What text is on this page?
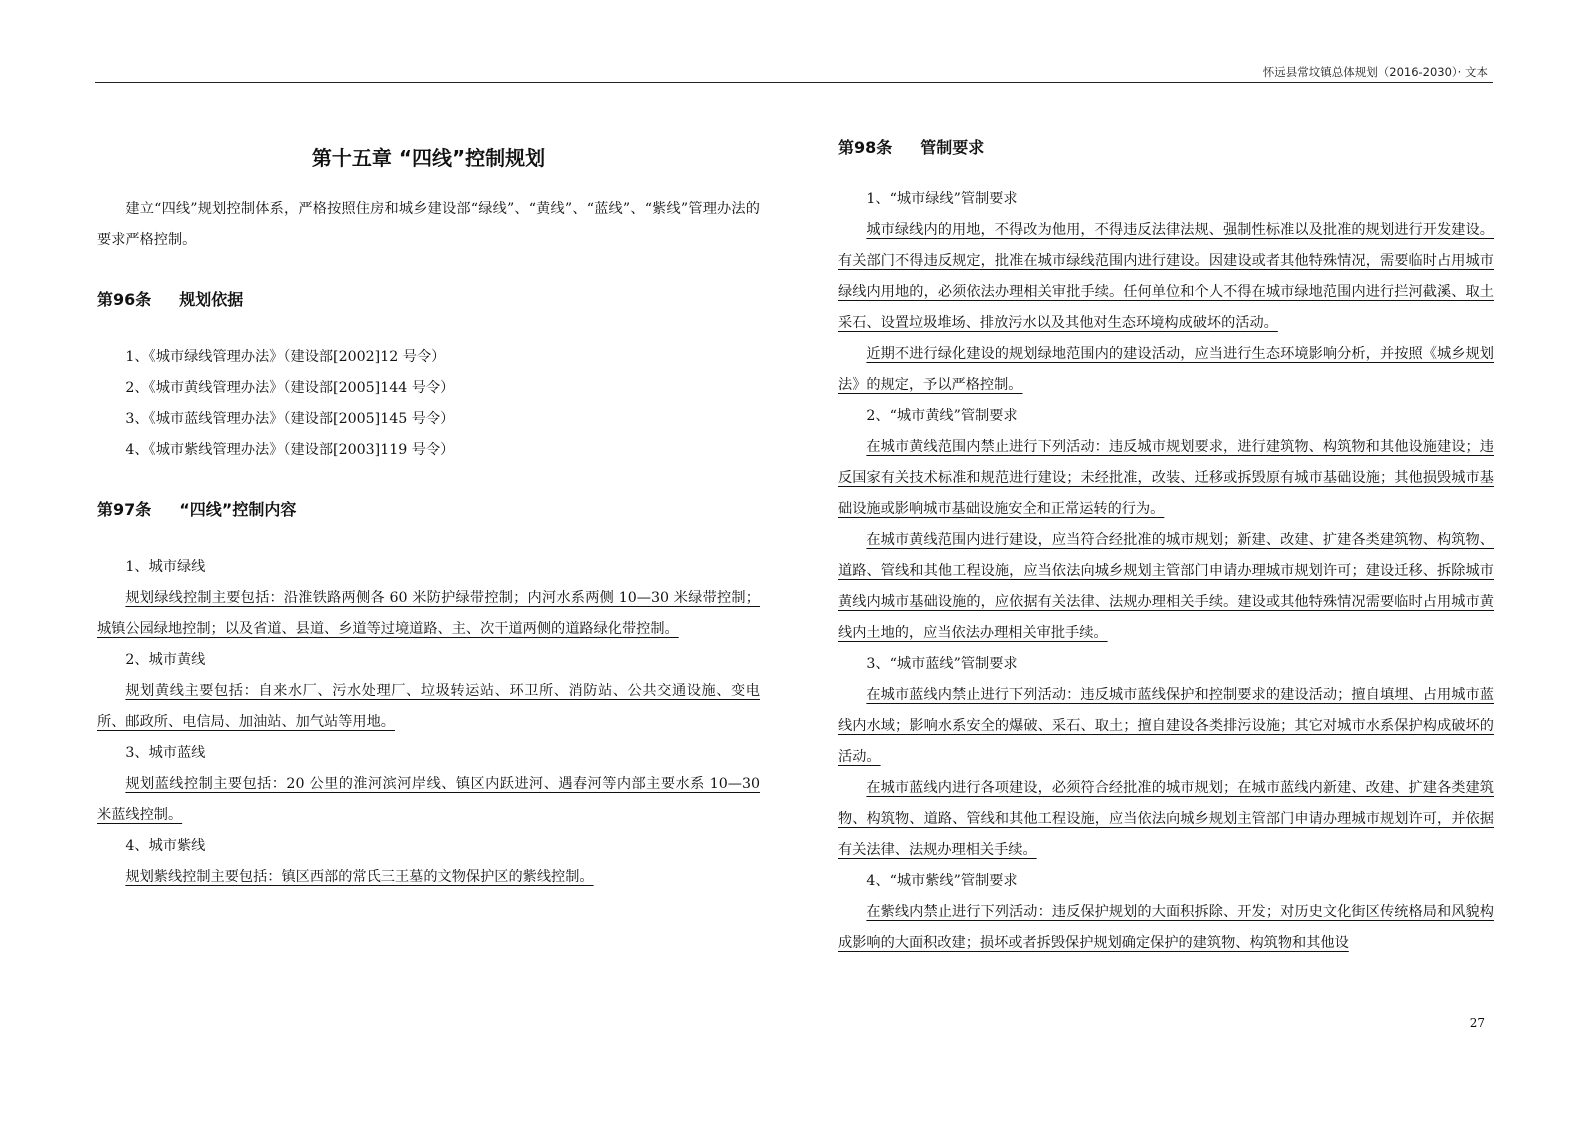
怀远县常坟镇总体规划（2016-2030）· 文本
第十五章 “四线”控制规划

建立“四线”规划控制体系，严格按照住房和城乡建设部“绿线”、“黄线”、“蓝线”、“紫线”管理办法的要求严格控制。

第96条 规划依据

1、《城市绿线管理办法》（建设部[2002]12 号令）

2、《城市黄线管理办法》（建设部[2005]144 号令）

3、《城市蓝线管理办法》（建设部[2005]145 号令）

4、《城市紫线管理办法》（建设部[2003]119 号令）

第97条 “四线”控制内容

1、城市绿线

规划绿线控制主要包括：沿淮铁路两侧各 60 米防护绿带控制；内河水系两侧 10—30 米绿带控制；城镇公园绿地控制；以及省道、县道、乡道等过境道路、主、次干道两侧的道路绿化带控制。

2、城市黄线

规划黄线主要包括：自来水厂、污水处理厂、垃圾转运站、环卫所、消防站、公共交通设施、变电所、邮政所、电信局、加油站、加气站等用地。

3、城市蓝线

规划蓝线控制主要包括：20 公里的淮河滨河岸线、镇区内跃进河、遇春河等内部主要水系 10—30 米蓝线控制。

4、城市紫线

规划紫线控制主要包括：镇区西部的常氏三王墓的文物保护区的紫线控制。

第98条 管制要求

1、“城市绿线”管制要求

城市绿线内的用地，不得改为他用，不得违反法律法规、强制性标准以及批准的规划进行开发建设。有关部门不得违反规定，批准在城市绿线范围内进行建设。因建设或者其他特殊情况，需要临时占用城市绿线内用地的，必须依法办理相关审批手续。任何单位和个人不得在城市绿地范围内进行拦河截溪、取土采石、设置垃圾堆场、排放污水以及其他对生态环境构成破坏的活动。

近期不进行绿化建设的规划绿地范围内的建设活动，应当进行生态环境影响分析，并按照《城乡规划法》的规定，予以严格控制。

2、“城市黄线”管制要求

在城市黄线范围内禁止进行下列活动：违反城市规划要求，进行建筑物、构筑物和其他设施建设；违反国家有关技术标准和规范进行建设；未经批准，改装、迁移或拆毁原有城市基础设施；其他损毁城市基础设施或影响城市基础设施安全和正常运转的行为。

在城市黄线范围内进行建设，应当符合经批准的城市规划；新建、改建、扩建各类建筑物、构筑物、道路、管线和其他工程设施，应当依法向城乡规划主管部门申请办理城市规划许可；建设迁移、拆除城市黄线内城市基础设施的，应依据有关法律、法规办理相关手续。建设或其他特殊情况需要临时占用城市黄线内土地的，应当依法办理相关审批手续。

3、“城市蓝线”管制要求

在城市蓝线内禁止进行下列活动：违反城市蓝线保护和控制要求的建设活动；擅自填埋、占用城市蓝线内水域；影响水系安全的爆破、采石、取土；擅自建设各类排污设施；其它对城市水系保护构成破坏的活动。

在城市蓝线内进行各项建设，必须符合经批准的城市规划；在城市蓝线内新建、改建、扩建各类建筑物、构筑物、道路、管线和其他工程设施，应当依法向城乡规划主管部门申请办理城市规划许可，并依据有关法律、法规办理相关手续。

4、“城市紫线”管制要求

在紫线内禁止进行下列活动：违反保护规划的大面积拆除、开发；对历史文化街区传统格局和风貌构成影响的大面积改建；损坏或者拆毁保护规划确定保护的建筑物、构筑物和其他设

27
